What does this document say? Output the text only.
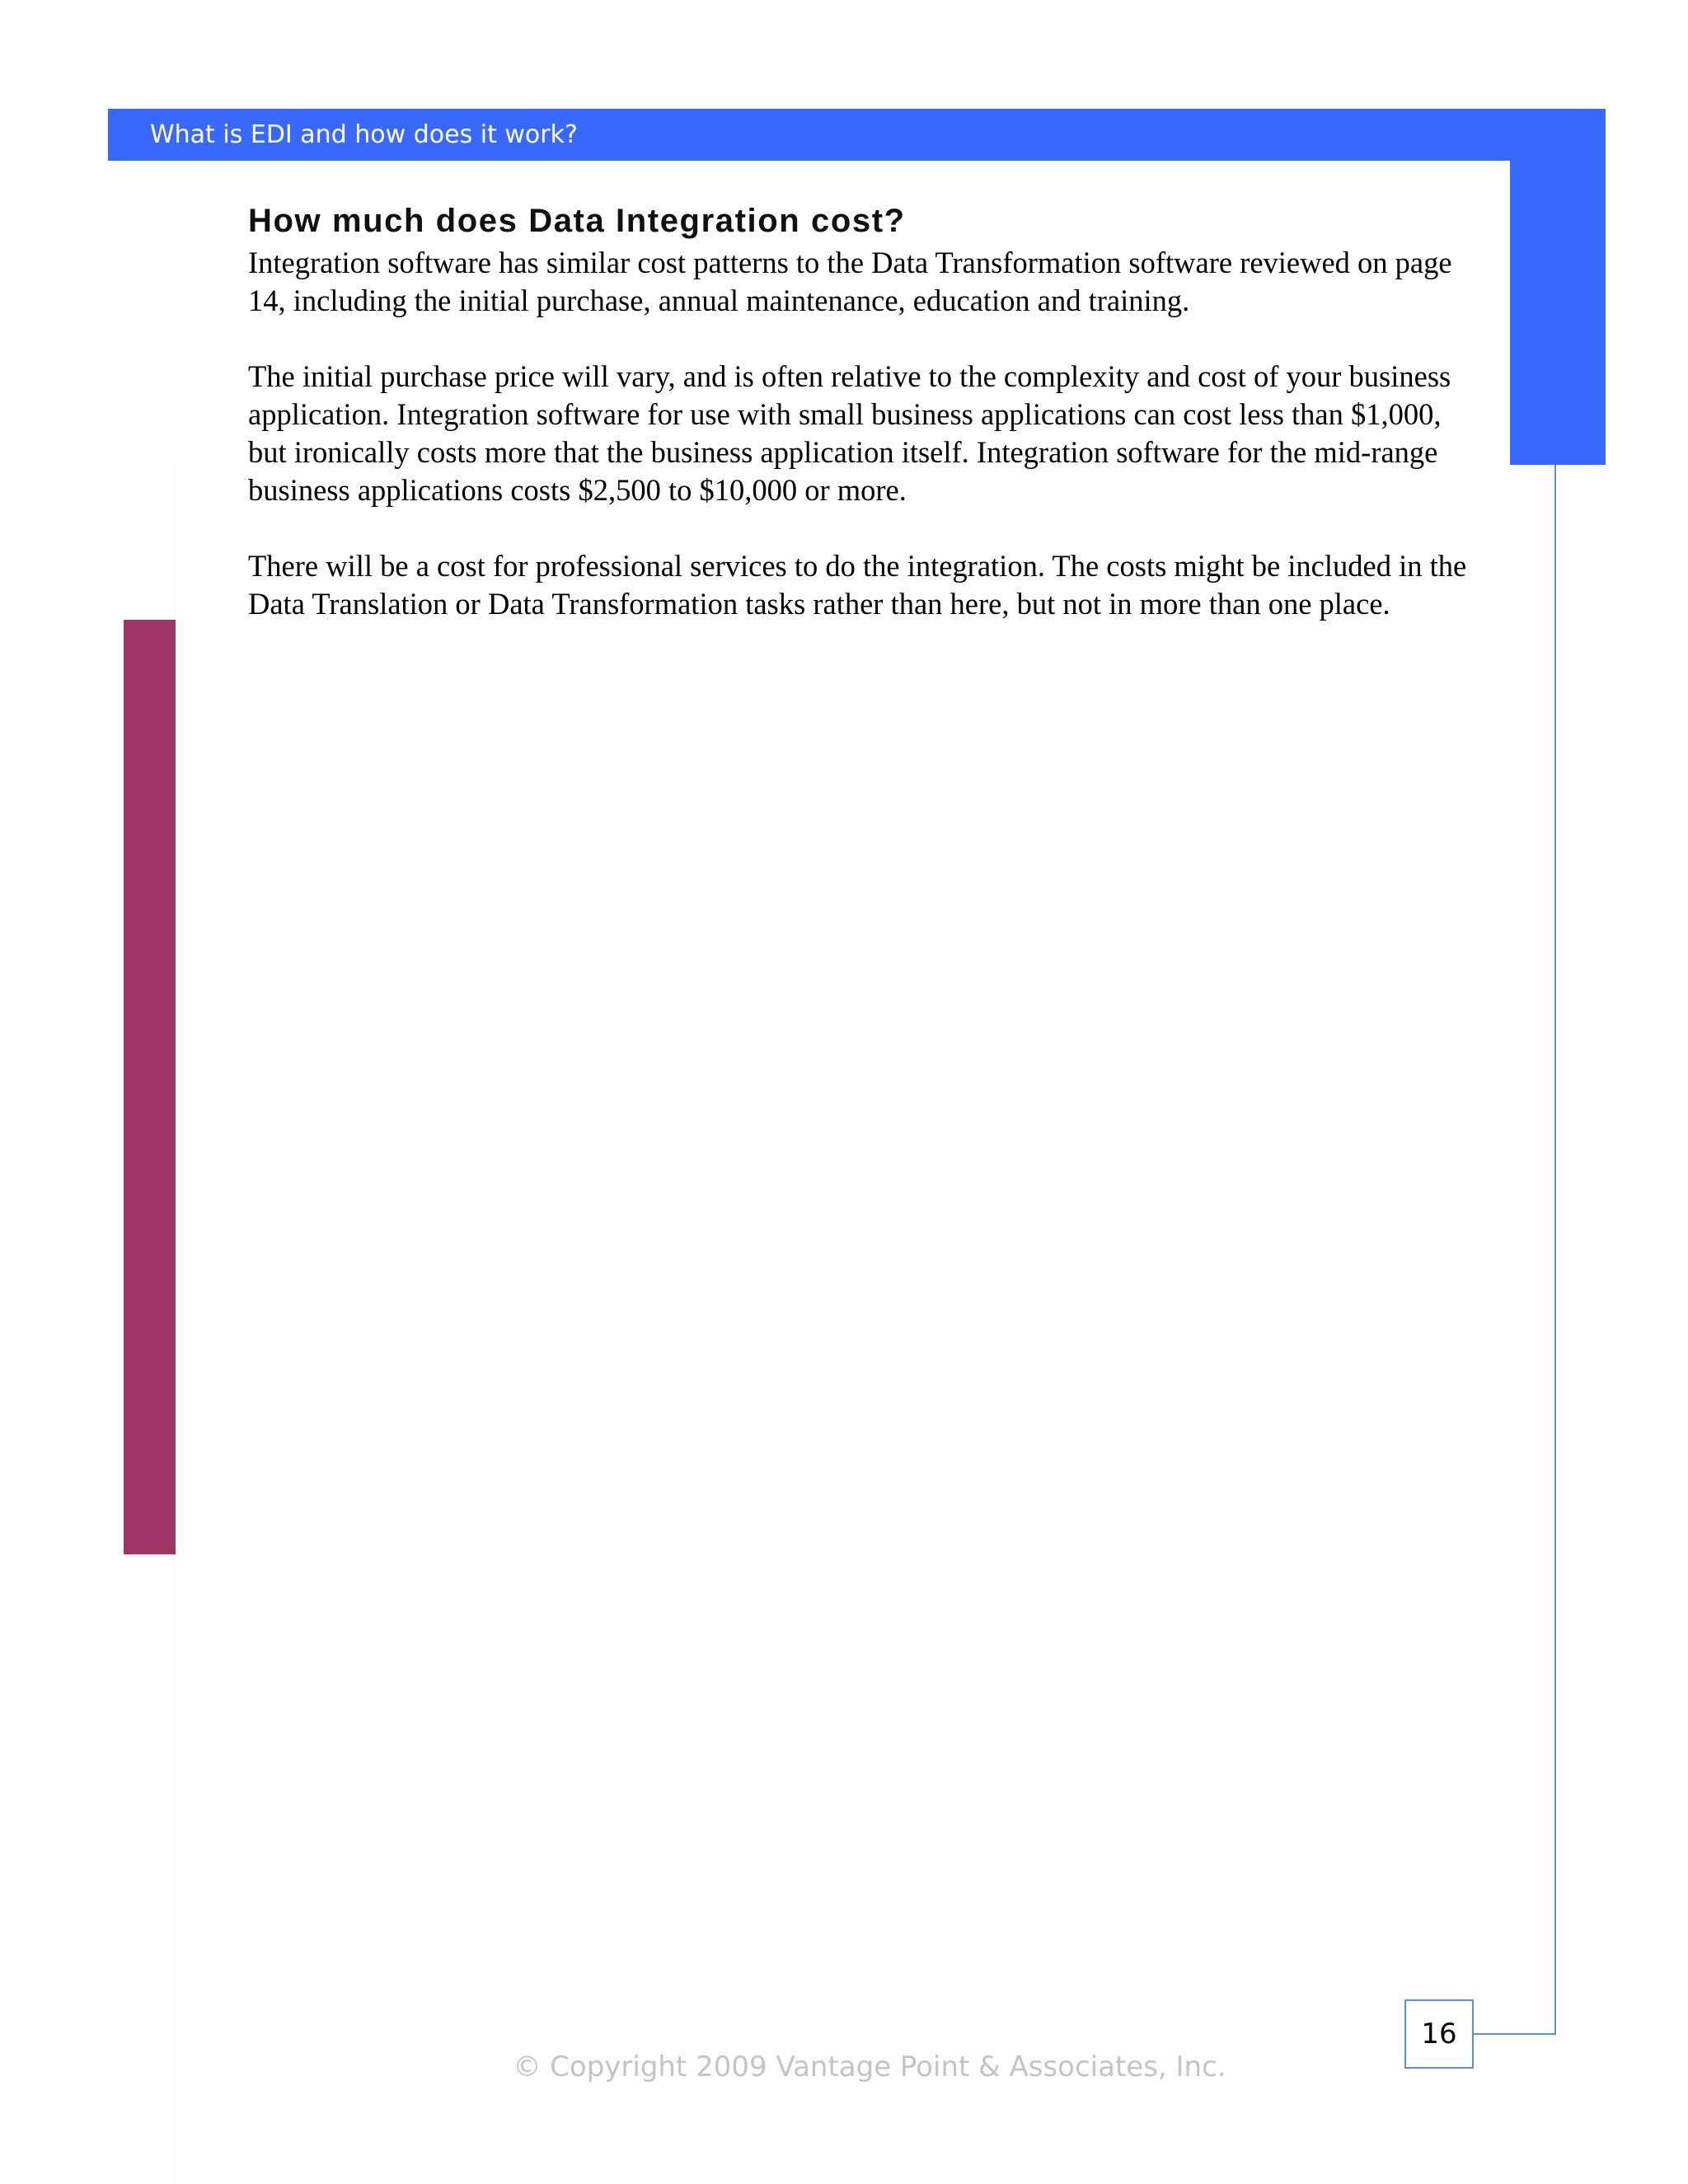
What is EDI and how does it work?
How much does Data Integration cost?

Integration software has similar cost patterns to the Data Transformation software reviewed on page 14, including the initial purchase, annual maintenance, education and training.

The initial purchase price will vary, and is often relative to the complexity and cost of your business application. Integration software for use with small business applications can cost less than $1,000, but ironically costs more that the business application itself. Integration software for the mid-range business applications costs $2,500 to $10,000 or more.

There will be a cost for professional services to do the integration. The costs might be included in the Data Translation or Data Transformation tasks rather than here, but not in more than one place.

16
© Copyright 2009 Vantage Point & Associates, Inc.
